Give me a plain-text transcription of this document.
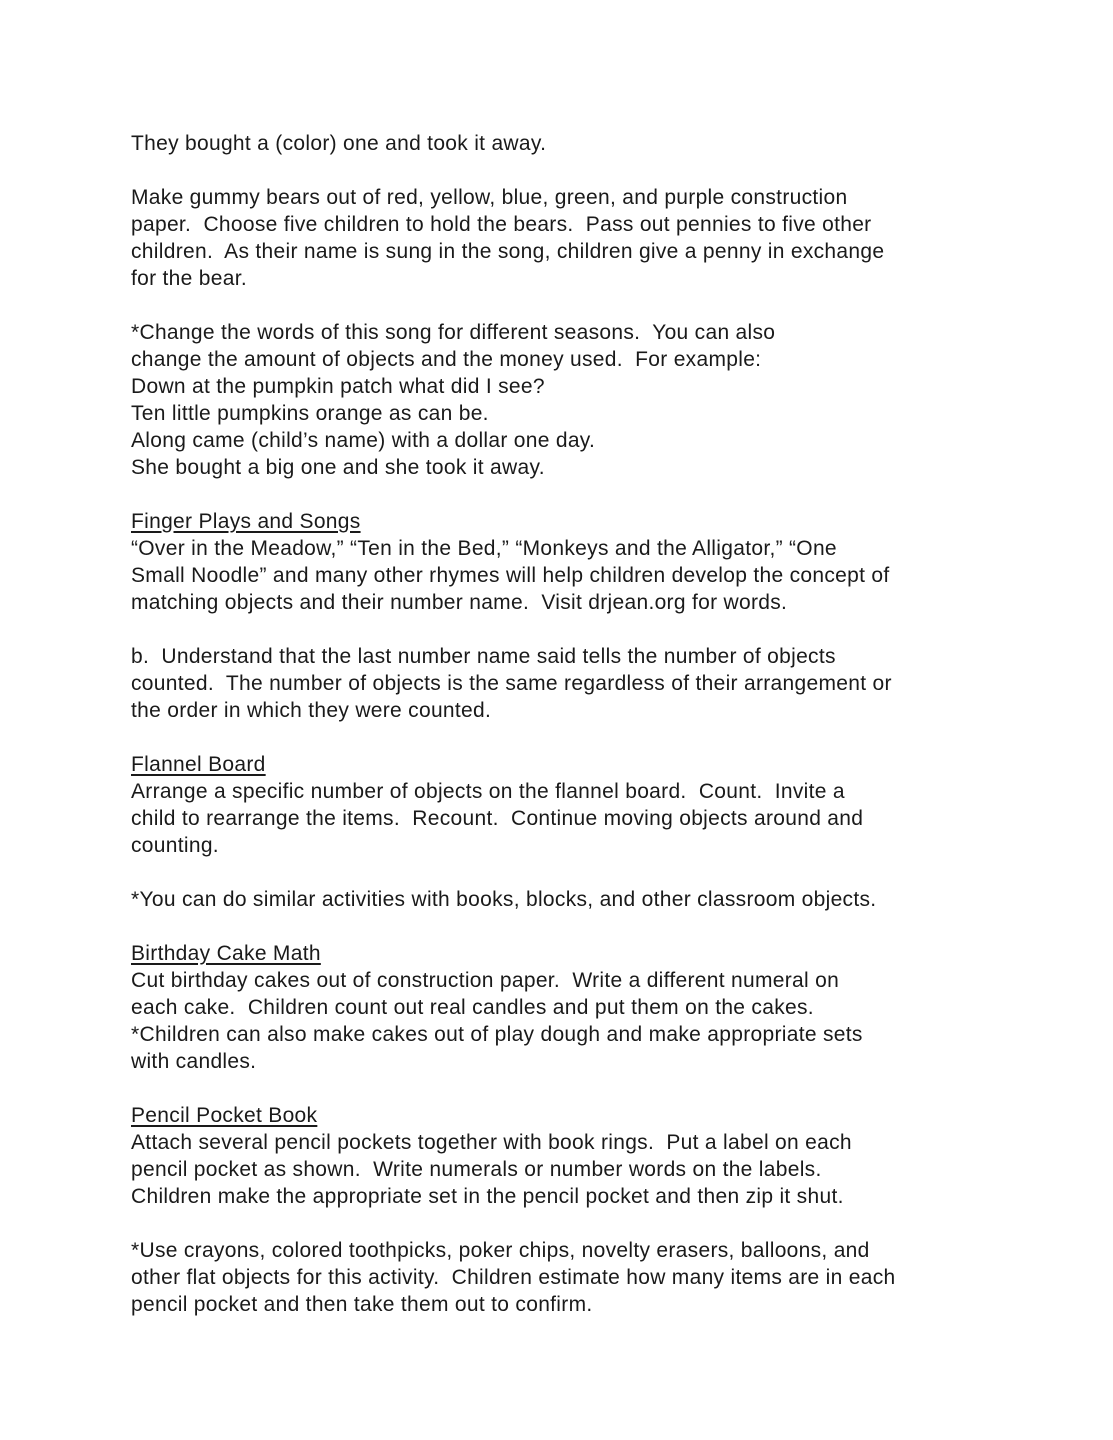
They bought a (color) one and took it away.
Make gummy bears out of red, yellow, blue, green, and purple construction
paper.  Choose five children to hold the bears.  Pass out pennies to five other
children.  As their name is sung in the song, children give a penny in exchange
for the bear.
*Change the words of this song for different seasons.  You can also
change the amount of objects and the money used.  For example:
Down at the pumpkin patch what did I see?
Ten little pumpkins orange as can be.
Along came (child’s name) with a dollar one day.
She bought a big one and she took it away.
Finger Plays and Songs
“Over in the Meadow,” “Ten in the Bed,” “Monkeys and the Alligator,” “One
Small Noodle” and many other rhymes will help children develop the concept of
matching objects and their number name.  Visit drjean.org for words.
b.  Understand that the last number name said tells the number of objects
counted.  The number of objects is the same regardless of their arrangement or
the order in which they were counted.
Flannel Board
Arrange a specific number of objects on the flannel board.  Count.  Invite a
child to rearrange the items.  Recount.  Continue moving objects around and
counting.
*You can do similar activities with books, blocks, and other classroom objects.
Birthday Cake Math
Cut birthday cakes out of construction paper.  Write a different numeral on
each cake.  Children count out real candles and put them on the cakes.
*Children can also make cakes out of play dough and make appropriate sets
with candles.
Pencil Pocket Book
Attach several pencil pockets together with book rings.  Put a label on each
pencil pocket as shown.  Write numerals or number words on the labels.
Children make the appropriate set in the pencil pocket and then zip it shut.
*Use crayons, colored toothpicks, poker chips, novelty erasers, balloons, and
other flat objects for this activity.  Children estimate how many items are in each
pencil pocket and then take them out to confirm.
